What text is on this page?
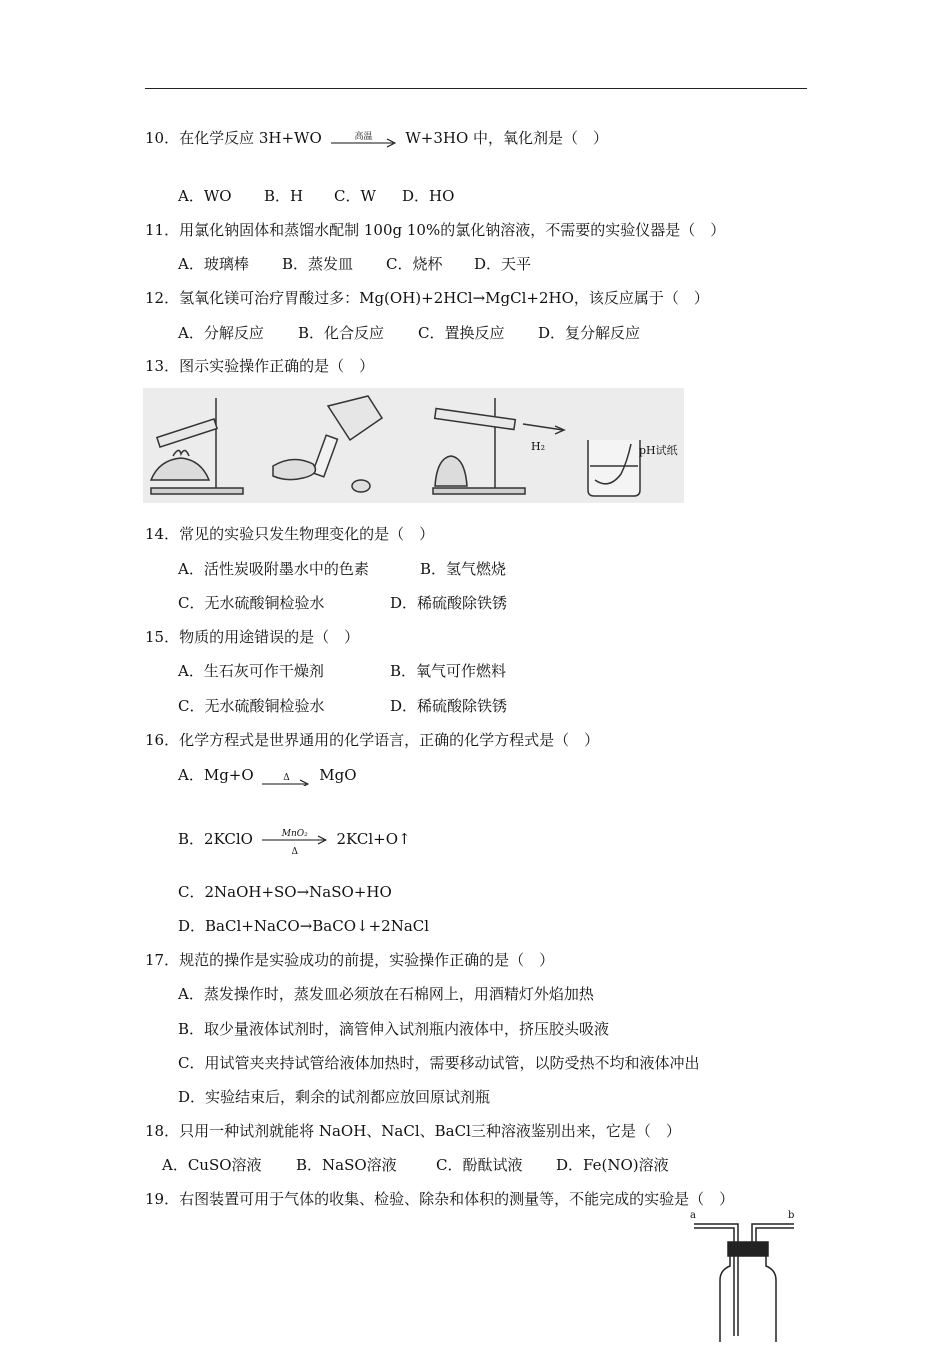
10．在化学反应 3H+WO	高温	W+3HO 中，氧化剂是（　）
A．WO B．H C．W D．HO
11．用氯化钠固体和蒸馏水配制 100g 10%的氯化钠溶液，不需要的实验仪器是（　）
A．玻璃棒 B．蒸发皿 C．烧杯 D．天平
12．氢氧化镁可治疗胃酸过多：Mg(OH)+2HCl→MgCl+2HO，该反应属于（　）
A．分解反应 B．化合反应 C．置换反应 D．复分解反应
13．图示实验操作正确的是（　）
H₂	pH试纸
14．常见的实验只发生物理变化的是（　）
A．活性炭吸附墨水中的色素	B．氢气燃烧
C．无水硫酸铜检验水	D．稀硫酸除铁锈
15．物质的用途错误的是（　）
A．生石灰可作干燥剂	B．氧气可作燃料
C．无水硫酸铜检验水	D．稀硫酸除铁锈
16．化学方程式是世界通用的化学语言，正确的化学方程式是（　）
A．Mg+O	Δ	MgO
B．2KClO	MnO₂
Δ
2KCl+O↑
C．2NaOH+SO→NaSO+HO
D．BaCl+NaCO→BaCO↓+2NaCl
17．规范的操作是实验成功的前提，实验操作正确的是（　）
A．蒸发操作时，蒸发皿必须放在石棉网上，用酒精灯外焰加热
B．取少量液体试剂时，滴管伸入试剂瓶内液体中，挤压胶头吸液
C．用试管夹夹持试管给液体加热时，需要移动试管，以防受热不均和液体冲出
D．实验结束后，剩余的试剂都应放回原试剂瓶
18．只用一种试剂就能将 NaOH、NaCl、BaCl三种溶液鉴别出来，它是（　）
A．CuSO溶液 B．NaSO溶液	C．酚酞试液 D．Fe(NO)溶液
19．右图装置可用于气体的收集、检验、除杂和体积的测量等，不能完成的实验是（　）
a	b
